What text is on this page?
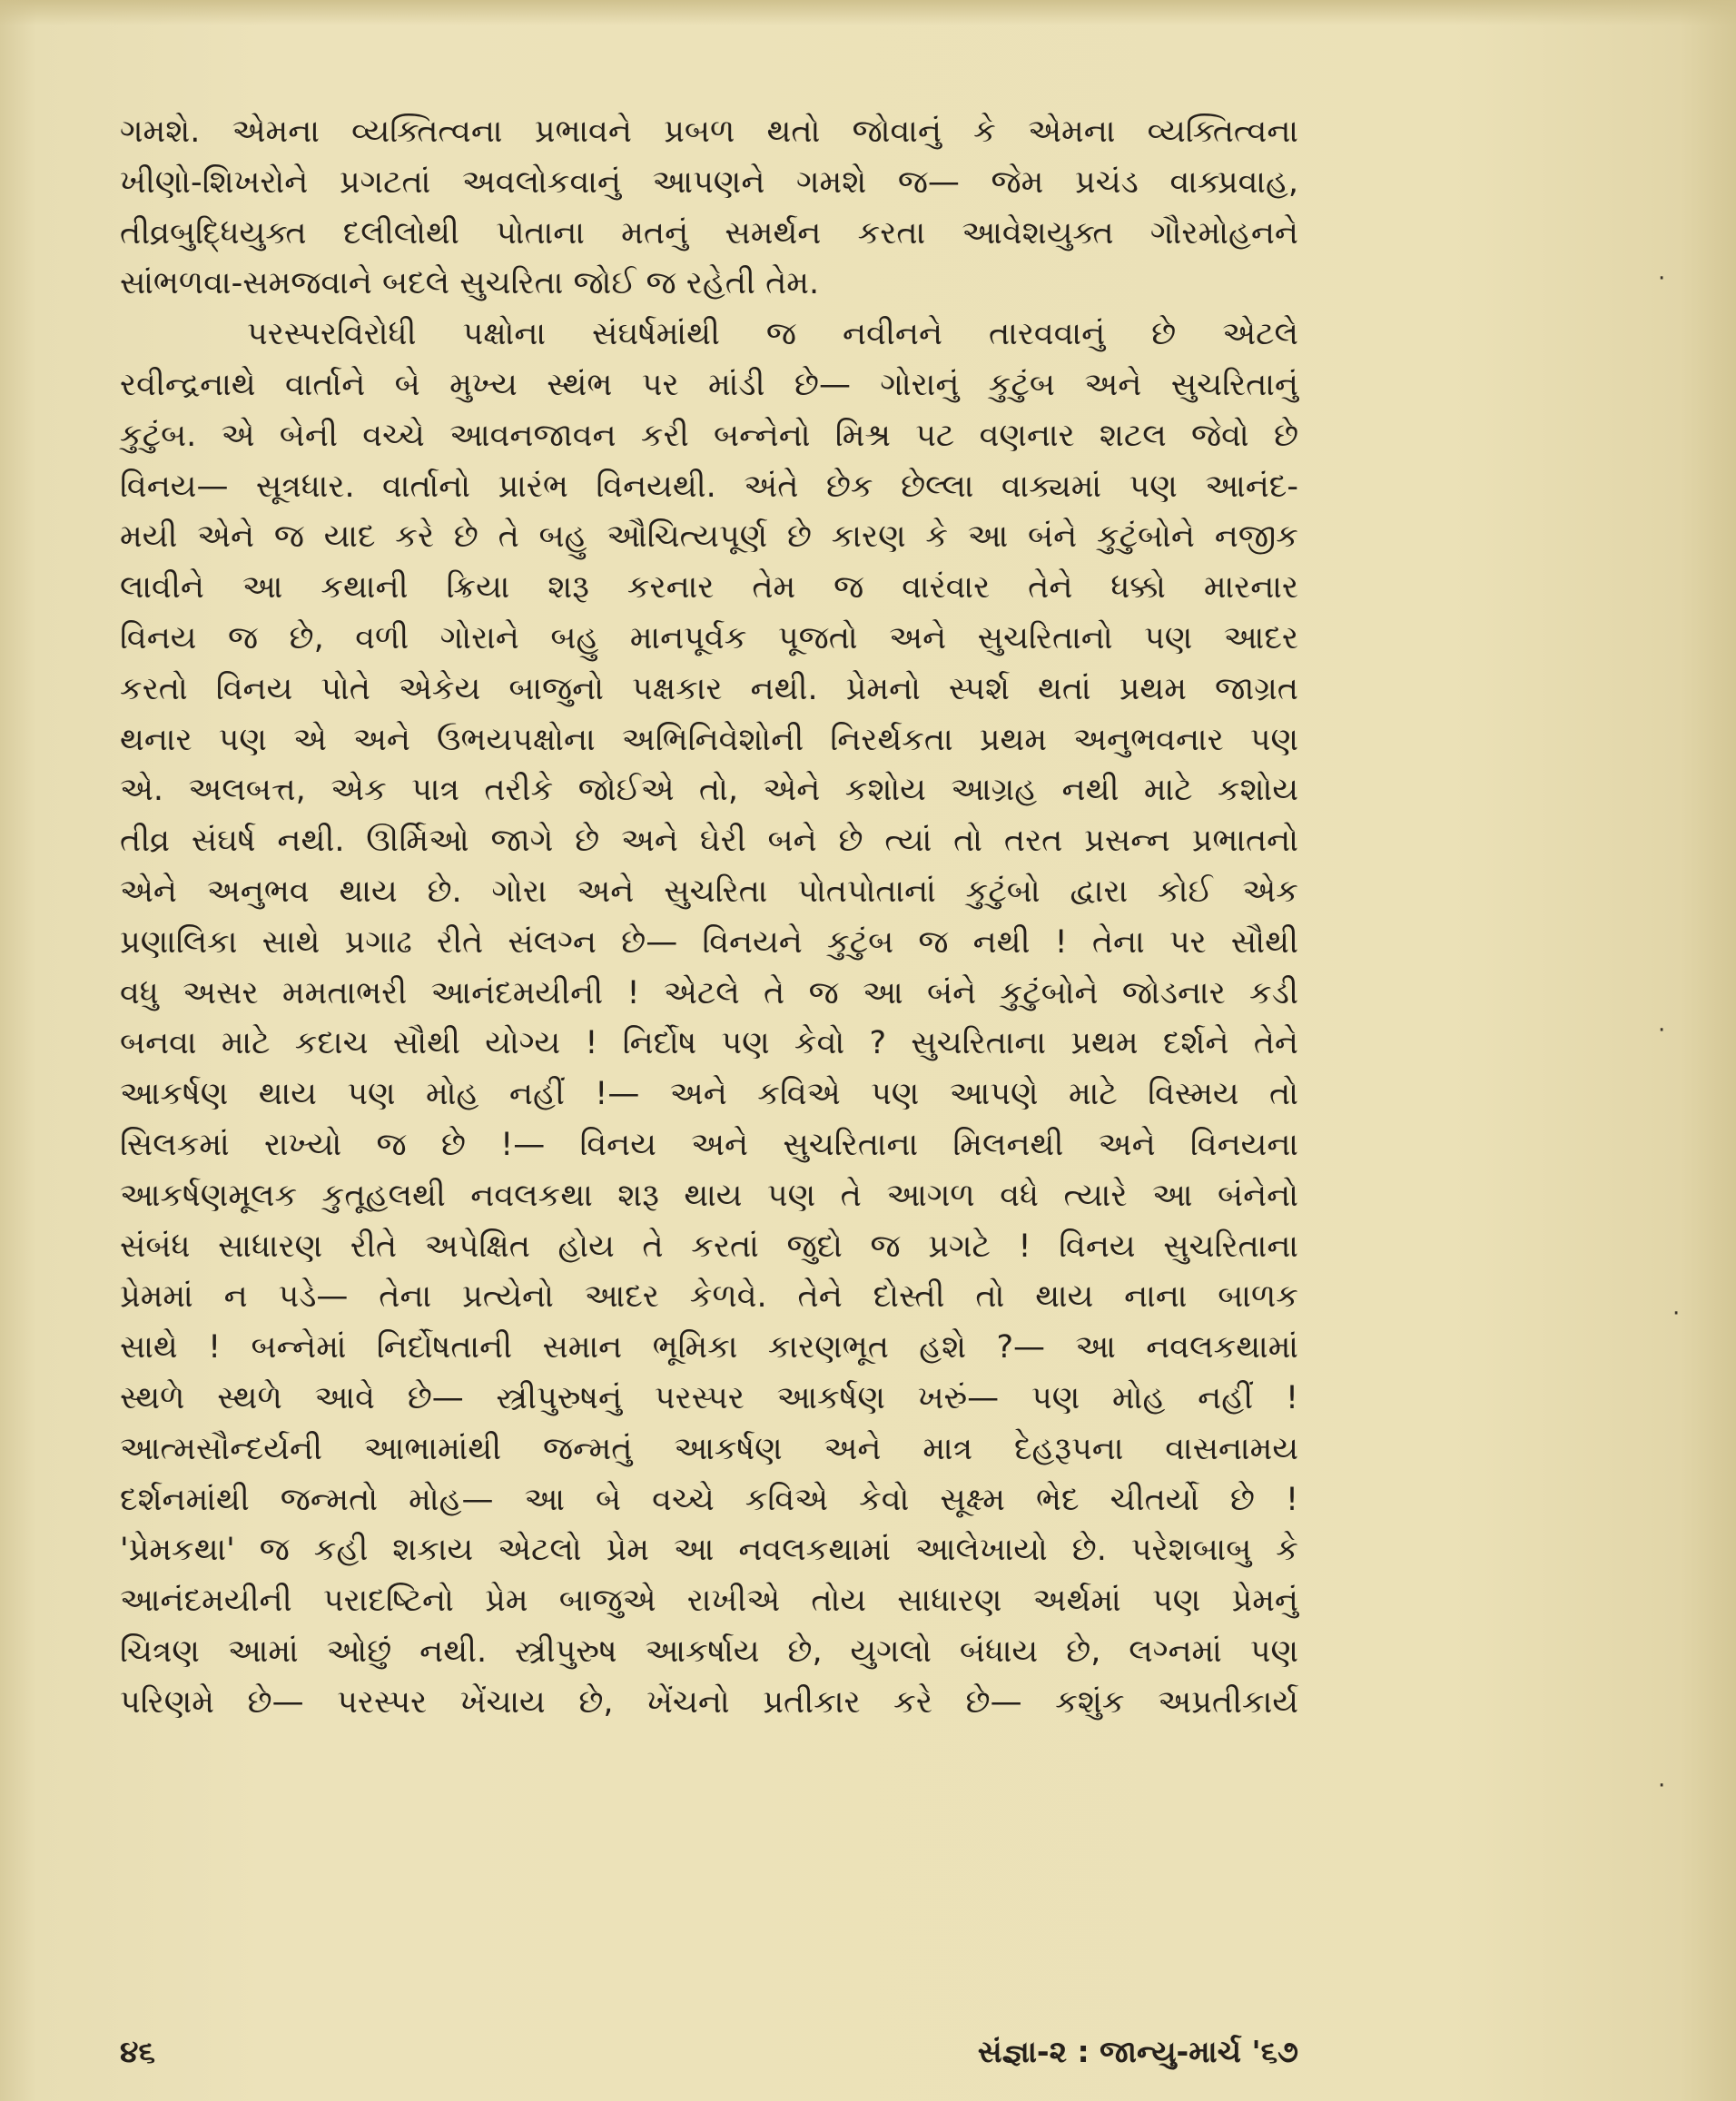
ગમશે. એમના વ્યક્તિત્વના પ્રભાવને પ્રબળ થતો જોવાનું કે એમના વ્યક્તિત્વના
ખીણો-શિખરોને પ્રગટતાં અવલોકવાનું આપણને ગમશે જ— જેમ પ્રચંડ વાક્પ્રવાહ,
તીવ્રબુદ્ધિયુક્ત દલીલોથી પોતાના મતનું સમર્થન કરતા આવેશયુક્ત ગૌરમોહનને
સાંભળવા-સમજવાને બદલે સુચરિતા જોઈ જ રહેતી તેમ.
પરસ્પરવિરોધી પક્ષોના સંઘર્ષમાંથી જ નવીનને તારવવાનું છે એટલે
રવીન્દ્રનાથે વાર્તાને બે મુખ્ય સ્થંભ પર માંડી છે— ગોરાનું કુટુંબ અને સુચરિતાનું
કુટુંબ. એ બેની વચ્ચે આવનજાવન કરી બન્નેનો મિશ્ર પટ વણનાર શટલ જેવો છે
વિનય— સૂત્રધાર. વાર્તાનો પ્રારંભ વિનયથી. અંતે છેક છેલ્લા વાક્યમાં પણ આનંદ-
મયી એને જ યાદ કરે છે તે બહુ ઔચિત્યપૂર્ણ છે કારણ કે આ બંને કુટુંબોને નજીક
લાવીને આ કથાની ક્રિયા શરૂ કરનાર તેમ જ વારંવાર તેને ધક્કો મારનાર
વિનય જ છે, વળી ગોરાને બહુ માનપૂર્વક પૂજતો અને સુચરિતાનો પણ આદર
કરતો વિનય પોતે એકેય બાજુનો પક્ષકાર નથી. પ્રેમનો સ્પર્શ થતાં પ્રથમ જાગ્રત
થનાર પણ એ અને ઉભયપક્ષોના અભિનિવેશોની નિરર્થકતા પ્રથમ અનુભવનાર પણ
એ. અલબત્ત, એક પાત્ર તરીકે જોઈએ તો, એને કશોય આગ્રહ નથી માટે કશોય
તીવ્ર સંઘર્ષ નથી. ઊર્મિઓ જાગે છે અને ઘેરી બને છે ત્યાં તો તરત પ્રસન્ન પ્રભાતનો
એને અનુભવ થાય છે. ગોરા અને સુચરિતા પોતપોતાનાં કુટુંબો દ્વારા કોઈ એક
પ્રણાલિકા સાથે પ્રગાઢ રીતે સંલગ્ન છે— વિનયને કુટુંબ જ નથી ! તેના પર સૌથી
વધુ અસર મમતાભરી આનંદમયીની ! એટલે તે જ આ બંને કુટુંબોને જોડનાર કડી
બનવા માટે કદાચ સૌથી યોગ્ય ! નિર્દોષ પણ કેવો ? સુચરિતાના પ્રથમ દર્શને તેને
આકર્ષણ થાય પણ મોહ નહીં !— અને કવિએ પણ આપણે માટે વિસ્મય તો
સિલકમાં રાખ્યો જ છે !— વિનય અને સુચરિતાના મિલનથી અને વિનયના
આકર્ષણમૂલક કુતૂહલથી નવલકથા શરૂ થાય પણ તે આગળ વધે ત્યારે આ બંનેનો
સંબંધ સાધારણ રીતે અપેક્ષિત હોય તે કરતાં જુદો જ પ્રગટે ! વિનય સુચરિતાના
પ્રેમમાં ન પડે— તેના પ્રત્યેનો આદર કેળવે. તેને દોસ્તી તો થાય નાના બાળક
સાથે ! બન્નેમાં નિર્દોષતાની સમાન ભૂમિકા કારણભૂત હશે ?— આ નવલકથામાં
સ્થળે સ્થળે આવે છે— સ્ત્રીપુરુષનું પરસ્પર આકર્ષણ ખરું— પણ મોહ નહીં !
આત્મસૌન્દર્યની આભામાંથી જન્મતું આકર્ષણ અને માત્ર દેહરૂપના વાસનામય
દર્શનમાંથી જન્મતો મોહ— આ બે વચ્ચે કવિએ કેવો સૂક્ષ્મ ભેદ ચીતર્યો છે !
'પ્રેમકથા' જ કહી શકાય એટલો પ્રેમ આ નવલકથામાં આલેખાયો છે. પરેશબાબુ કે
આનંદમયીની પરાદષ્ટિનો પ્રેમ બાજુએ રાખીએ તોય સાધારણ અર્થમાં પણ પ્રેમનું
ચિત્રણ આમાં ઓછું નથી. સ્ત્રીપુરુષ આકર્ષાય છે, યુગલો બંધાય છે, લગ્નમાં પણ
પરિણમે છે— પરસ્પર ખેંચાય છે, ખેંચનો પ્રતીકાર કરે છે— કશુંક અપ્રતીકાર્ય
·
·
·
·
૪૬	સંજ્ઞા-૨ : જાન્યુ-માર્ચ '૬૭
